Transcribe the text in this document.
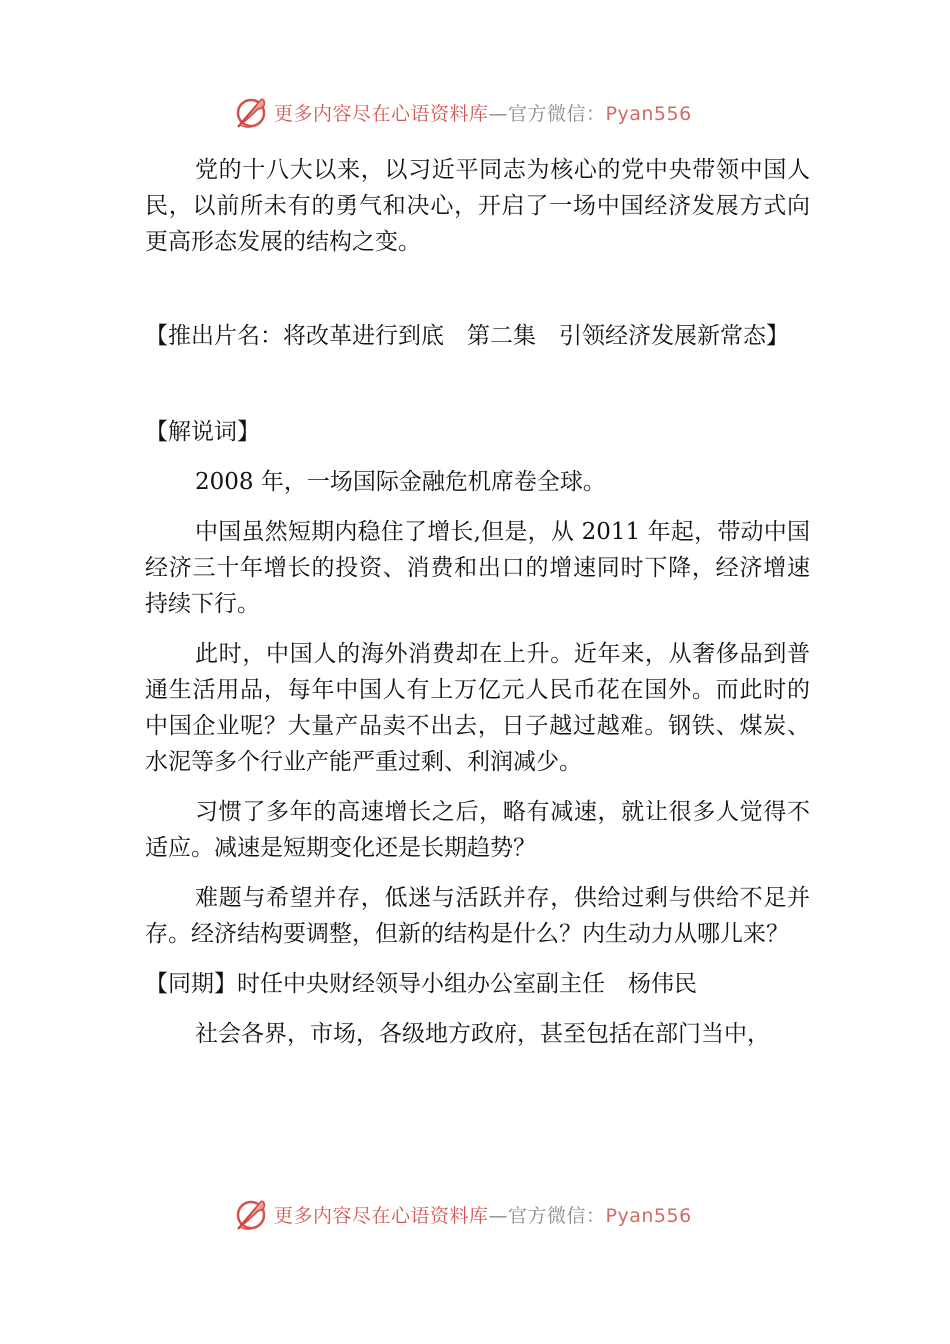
更多内容尽在心语资料库—官方微信：Pyan556

党的十八大以来，以习近平同志为核心的党中央带领中国人民，以前所未有的勇气和决心，开启了一场中国经济发展方式向更高形态发展的结构之变。

【推出片名：将改革进行到底　第二集　引领经济发展新常态】

【解说词】

2008 年，一场国际金融危机席卷全球。

中国虽然短期内稳住了增长,但是，从 2011 年起，带动中国经济三十年增长的投资、消费和出口的增速同时下降，经济增速持续下行。

此时，中国人的海外消费却在上升。近年来，从奢侈品到普通生活用品，每年中国人有上万亿元人民币花在国外。而此时的中国企业呢？大量产品卖不出去，日子越过越难。钢铁、煤炭、水泥等多个行业产能严重过剩、利润减少。

习惯了多年的高速增长之后，略有减速，就让很多人觉得不适应。减速是短期变化还是长期趋势？

难题与希望并存，低迷与活跃并存，供给过剩与供给不足并存。经济结构要调整，但新的结构是什么？内生动力从哪儿来？

【同期】时任中央财经领导小组办公室副主任　杨伟民

社会各界，市场，各级地方政府，甚至包括在部门当中，

更多内容尽在心语资料库—官方微信：Pyan556
